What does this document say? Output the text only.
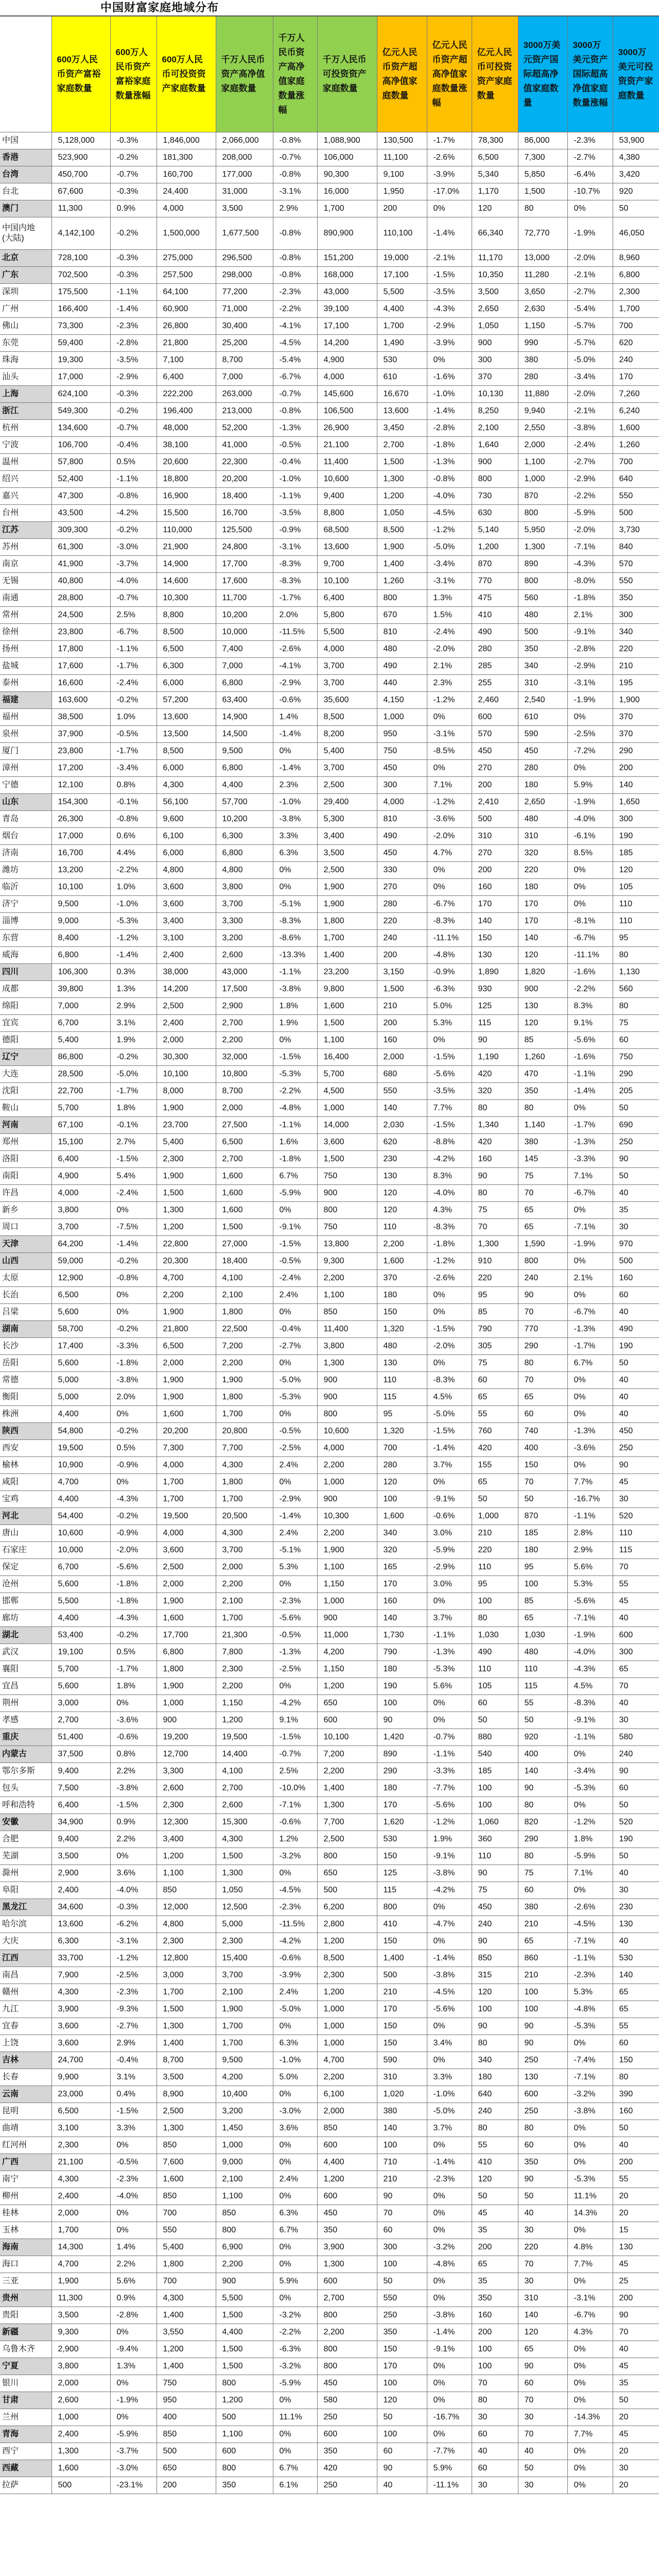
中国财富家庭地域分布
	600万人民币资产富裕家庭数量	600万人民币资产富裕家庭数量涨幅	600万人民币可投资资产家庭数量	千万人民币资产高净值家庭数量	千万人民币资产高净值家庭数量涨幅	千万人民币可投资资产家庭数量	亿元人民币资产超高净值家庭数量	亿元人民币资产超高净值家庭数量涨幅	亿元人民币可投资资产家庭数量	3000万美元资产国际超高净值家庭数量	3000万美元资产国际超高净值家庭数量涨幅	3000万美元可投资资产家庭数量
中国	5,128,000	-0.3%	1,846,000	2,066,000	-0.8%	1,088,900	130,500	-1.7%	78,300	86,000	-2.3%	53,900
香港	523,900	-0.2%	181,300	208,000	-0.7%	106,000	11,100	-2.6%	6,500	7,300	-2.7%	4,380
台湾	450,700	-0.7%	160,700	177,000	-0.8%	90,300	9,100	-3.9%	5,340	5,850	-6.4%	3,420
台北	67,600	-0.3%	24,400	31,000	-3.1%	16,000	1,950	-17.0%	1,170	1,500	-10.7%	920
澳门	11,300	0.9%	4,000	3,500	2.9%	1,700	200	0%	120	80	0%	50
中国内地
(大陆)	4,142,100	-0.2%	1,500,000	1,677,500	-0.8%	890,900	110,100	-1.4%	66,340	72,770	-1.9%	46,050
北京	728,100	-0.3%	275,000	296,500	-0.8%	151,200	19,000	-2.1%	11,170	13,000	-2.0%	8,960
广东	702,500	-0.3%	257,500	298,000	-0.8%	168,000	17,100	-1.5%	10,350	11,280	-2.1%	6,800
深圳	175,500	-1.1%	64,100	77,200	-2.3%	43,000	5,500	-3.5%	3,500	3,650	-2.7%	2,300
广州	166,400	-1.4%	60,900	71,000	-2.2%	39,100	4,400	-4.3%	2,650	2,630	-5.4%	1,700
佛山	73,300	-2.3%	26,800	30,400	-4.1%	17,100	1,700	-2.9%	1,050	1,150	-5.7%	700
东莞	59,400	-2.8%	21,800	25,200	-4.5%	14,200	1,490	-3.9%	900	990	-5.7%	620
珠海	19,300	-3.5%	7,100	8,700	-5.4%	4,900	530	0%	300	380	-5.0%	240
汕头	17,000	-2.9%	6,400	7,000	-6.7%	4,000	610	-1.6%	370	280	-3.4%	170
上海	624,100	-0.3%	222,200	263,000	-0.7%	145,600	16,670	-1.0%	10,130	11,880	-2.0%	7,260
浙江	549,300	-0.2%	196,400	213,000	-0.8%	106,500	13,600	-1.4%	8,250	9,940	-2.1%	6,240
杭州	134,600	-0.7%	48,000	52,200	-1.3%	26,900	3,450	-2.8%	2,100	2,550	-3.8%	1,600
宁波	106,700	-0.4%	38,100	41,000	-0.5%	21,100	2,700	-1.8%	1,640	2,000	-2.4%	1,260
温州	57,800	0.5%	20,600	22,300	-0.4%	11,400	1,500	-1.3%	900	1,100	-2.7%	700
绍兴	52,400	-1.1%	18,800	20,200	-1.0%	10,600	1,300	-0.8%	800	1,000	-2.9%	640
嘉兴	47,300	-0.8%	16,900	18,400	-1.1%	9,400	1,200	-4.0%	730	870	-2.2%	550
台州	43,500	-4.2%	15,500	16,700	-3.5%	8,800	1,050	-4.5%	630	800	-5.9%	500
江苏	309,300	-0.2%	110,000	125,500	-0.9%	68,500	8,500	-1.2%	5,140	5,950	-2.0%	3,730
苏州	61,300	-3.0%	21,900	24,800	-3.1%	13,600	1,900	-5.0%	1,200	1,300	-7.1%	840
南京	41,900	-3.7%	14,900	17,700	-8.3%	9,700	1,400	-3.4%	870	890	-4.3%	570
无锡	40,800	-4.0%	14,600	17,600	-8.3%	10,100	1,260	-3.1%	770	800	-8.0%	550
南通	28,800	-0.7%	10,300	11,700	-1.7%	6,400	800	1.3%	475	560	-1.8%	350
常州	24,500	2.5%	8,800	10,200	2.0%	5,800	670	1.5%	410	480	2.1%	300
徐州	23,800	-6.7%	8,500	10,000	-11.5%	5,500	810	-2.4%	490	500	-9.1%	340
扬州	17,800	-1.1%	6,500	7,400	-2.6%	4,000	480	-2.0%	280	350	-2.8%	220
盐城	17,600	-1.7%	6,300	7,000	-4.1%	3,700	490	2.1%	285	340	-2.9%	210
泰州	16,600	-2.4%	6,000	6,800	-2.9%	3,700	440	2.3%	255	310	-3.1%	195
福建	163,600	-0.2%	57,200	63,400	-0.6%	35,600	4,150	-1.2%	2,460	2,540	-1.9%	1,900
福州	38,500	1.0%	13,600	14,900	1.4%	8,500	1,000	0%	600	610	0%	370
泉州	37,900	-0.5%	13,500	14,500	-1.4%	8,200	950	-3.1%	570	590	-2.5%	370
厦门	23,800	-1.7%	8,500	9,500	0%	5,400	750	-8.5%	450	450	-7.2%	290
漳州	17,200	-3.4%	6,000	6,800	-1.4%	3,700	450	0%	270	280	0%	200
宁德	12,100	0.8%	4,300	4,400	2.3%	2,500	300	7.1%	200	180	5.9%	140
山东	154,300	-0.1%	56,100	57,700	-1.0%	29,400	4,000	-1.2%	2,410	2,650	-1.9%	1,650
青岛	26,300	-0.8%	9,600	10,200	-3.8%	5,300	810	-3.6%	500	480	-4.0%	300
烟台	17,000	0.6%	6,100	6,300	3.3%	3,400	490	-2.0%	310	310	-6.1%	190
济南	16,700	4.4%	6,000	6,800	6.3%	3,500	450	4.7%	270	320	8.5%	185
潍坊	13,200	-2.2%	4,800	4,800	0%	2,500	330	0%	200	220	0%	120
临沂	10,100	1.0%	3,600	3,800	0%	1,900	270	0%	160	180	0%	105
济宁	9,500	-1.0%	3,600	3,700	-5.1%	1,900	280	-6.7%	170	170	0%	110
淄博	9,000	-5.3%	3,400	3,300	-8.3%	1,800	220	-8.3%	140	170	-8.1%	110
东营	8,400	-1.2%	3,100	3,200	-8.6%	1,700	240	-11.1%	150	140	-6.7%	95
威海	6,800	-1.4%	2,400	2,600	-13.3%	1,400	200	-4.8%	130	120	-11.1%	80
四川	106,300	0.3%	38,000	43,000	-1.1%	23,200	3,150	-0.9%	1,890	1,820	-1.6%	1,130
成都	39,800	1.3%	14,200	17,500	-3.8%	9,800	1,500	-6.3%	930	900	-2.2%	560
绵阳	7,000	2.9%	2,500	2,900	1.8%	1,600	210	5.0%	125	130	8.3%	80
宜宾	6,700	3.1%	2,400	2,700	1.9%	1,500	200	5.3%	115	120	9.1%	75
德阳	5,400	1.9%	2,000	2,200	0%	1,100	160	0%	90	85	-5.6%	60
辽宁	86,800	-0.2%	30,300	32,000	-1.5%	16,400	2,000	-1.5%	1,190	1,260	-1.6%	750
大连	28,500	-5.0%	10,100	10,800	-5.3%	5,700	680	-5.6%	420	470	-1.1%	290
沈阳	22,700	-1.7%	8,000	8,700	-2.2%	4,500	550	-3.5%	320	350	-1.4%	205
鞍山	5,700	1.8%	1,900	2,000	-4.8%	1,000	140	7.7%	80	80	0%	50
河南	67,100	-0.1%	23,700	27,500	-1.1%	14,000	2,030	-1.5%	1,340	1,140	-1.7%	690
郑州	15,100	2.7%	5,400	6,500	1.6%	3,600	620	-8.8%	420	380	-1.3%	250
洛阳	6,400	-1.5%	2,300	2,700	-1.8%	1,500	230	-4.2%	160	145	-3.3%	90
南阳	4,900	5.4%	1,900	1,600	6.7%	750	130	8.3%	90	75	7.1%	50
许昌	4,000	-2.4%	1,500	1,600	-5.9%	900	120	-4.0%	80	70	-6.7%	40
新乡	3,800	0%	1,300	1,600	0%	800	120	4.3%	75	65	0%	35
周口	3,700	-7.5%	1,200	1,500	-9.1%	750	110	-8.3%	70	65	-7.1%	30
天津	64,200	-1.4%	22,800	27,000	-1.5%	13,800	2,200	-1.8%	1,300	1,590	-1.9%	970
山西	59,000	-0.2%	20,300	18,400	-0.5%	9,300	1,600	-1.2%	910	800	0%	500
太原	12,900	-0.8%	4,700	4,100	-2.4%	2,200	370	-2.6%	220	240	2.1%	160
长治	6,500	0%	2,200	2,100	2.4%	1,100	180	0%	95	90	0%	60
吕梁	5,600	0%	1,900	1,800	0%	850	150	0%	85	70	-6.7%	40
湖南	58,700	-0.2%	21,800	22,500	-0.4%	11,400	1,320	-1.5%	790	770	-1.3%	490
长沙	17,400	-3.3%	6,500	7,200	-2.7%	3,800	480	-2.0%	305	290	-1.7%	190
岳阳	5,600	-1.8%	2,000	2,200	0%	1,300	130	0%	75	80	6.7%	50
常德	5,000	-3.8%	1,900	1,900	-5.0%	900	110	-8.3%	60	70	0%	40
衡阳	5,000	2.0%	1,900	1,800	-5.3%	900	115	4.5%	65	65	0%	40
株洲	4,400	0%	1,600	1,700	0%	800	95	-5.0%	55	60	0%	40
陕西	54,800	-0.2%	20,200	20,800	-0.5%	10,600	1,320	-1.5%	760	740	-1.3%	450
西安	19,500	0.5%	7,300	7,700	-2.5%	4,000	700	-1.4%	420	400	-3.6%	250
榆林	10,900	-0.9%	4,000	4,300	2.4%	2,200	280	3.7%	155	150	0%	90
咸阳	4,700	0%	1,700	1,800	0%	1,000	120	0%	65	70	7.7%	45
宝鸡	4,400	-4.3%	1,700	1,700	-2.9%	900	100	-9.1%	50	50	-16.7%	30
河北	54,400	-0.2%	19,500	20,500	-1.4%	10,300	1,600	-0.6%	1,000	870	-1.1%	520
唐山	10,600	-0.9%	4,000	4,300	2.4%	2,200	340	3.0%	210	185	2.8%	110
石家庄	10,000	-2.0%	3,600	3,700	-5.1%	1,900	320	-5.9%	220	180	2.9%	115
保定	6,700	-5.6%	2,500	2,000	5.3%	1,100	165	-2.9%	110	95	5.6%	70
沧州	5,600	-1.8%	2,000	2,200	0%	1,150	170	3.0%	95	100	5.3%	55
邯郸	5,500	-1.8%	1,900	2,100	-2.3%	1,000	160	0%	100	85	-5.6%	45
廊坊	4,400	-4.3%	1,600	1,700	-5.6%	900	140	3.7%	80	65	-7.1%	40
湖北	53,400	-0.2%	17,700	21,300	-0.5%	11,000	1,730	-1.1%	1,030	1,030	-1.9%	600
武汉	19,100	0.5%	6,800	7,800	-1.3%	4,200	790	-1.3%	490	480	-4.0%	300
襄阳	5,700	-1.7%	1,800	2,300	-2.5%	1,150	180	-5.3%	110	110	-4.3%	65
宜昌	5,600	1.8%	1,900	2,200	0%	1,200	190	5.6%	105	115	4.5%	70
荆州	3,000	0%	1,000	1,150	-4.2%	650	100	0%	60	55	-8.3%	40
孝感	2,700	-3.6%	900	1,200	9.1%	600	90	0%	50	50	-9.1%	30
重庆	51,400	-0.6%	19,200	19,500	-1.5%	10,100	1,420	-0.7%	880	920	-1.1%	580
内蒙古	37,500	0.8%	12,700	14,400	-0.7%	7,200	890	-1.1%	540	400	0%	240
鄂尔多斯	9,400	2.2%	3,300	4,100	2.5%	2,200	290	-3.3%	185	140	-3.4%	90
包头	7,500	-3.8%	2,600	2,700	-10.0%	1,400	180	-7.7%	100	90	-5.3%	60
呼和浩特	6,400	-1.5%	2,300	2,600	-7.1%	1,300	170	-5.6%	100	80	0%	50
安徽	34,900	0.9%	12,300	15,300	-0.6%	7,700	1,620	-1.2%	1,060	820	-1.2%	520
合肥	9,400	2.2%	3,400	4,300	1.2%	2,500	530	1.9%	360	290	1.8%	190
芜湖	3,500	0%	1,200	1,500	-3.2%	800	150	-9.1%	110	80	-5.9%	50
滁州	2,900	3.6%	1,100	1,300	0%	650	125	-3.8%	90	75	7.1%	40
阜阳	2,400	-4.0%	850	1,050	-4.5%	500	115	-4.2%	75	60	0%	30
黑龙江	34,600	-0.3%	12,000	12,500	-2.3%	6,200	800	0%	450	380	-2.6%	230
哈尔滨	13,600	-6.2%	4,800	5,000	-11.5%	2,800	410	-4.7%	240	210	-4.5%	130
大庆	6,300	-3.1%	2,300	2,300	-4.2%	1,200	150	0%	90	65	-7.1%	40
江西	33,700	-1.2%	12,800	15,400	-0.6%	8,500	1,400	-1.4%	850	860	-1.1%	530
南昌	7,900	-2.5%	3,000	3,700	-3.9%	2,300	500	-3.8%	315	210	-2.3%	140
赣州	4,300	-2.3%	1,700	2,100	2.4%	1,200	210	-4.5%	120	100	5.3%	65
九江	3,900	-9.3%	1,500	1,900	-5.0%	1,000	170	-5.6%	100	100	-4.8%	65
宜春	3,600	-2.7%	1,300	1,700	0%	1,000	150	0%	90	90	-5.3%	55
上饶	3,600	2.9%	1,400	1,700	6.3%	1,000	150	3.4%	80	90	0%	60
吉林	24,700	-0.4%	8,700	9,500	-1.0%	4,700	590	0%	340	250	-7.4%	150
长春	9,900	3.1%	3,500	4,200	5.0%	2,200	310	3.3%	180	130	-7.1%	80
云南	23,000	0.4%	8,900	10,400	0%	6,100	1,020	-1.0%	640	600	-3.2%	390
昆明	6,500	-1.5%	2,500	3,200	-3.0%	2,000	380	-5.0%	240	250	-3.8%	160
曲靖	3,100	3.3%	1,300	1,450	3.6%	850	140	3.7%	80	80	0%	50
红河州	2,300	0%	850	1,000	0%	600	100	0%	55	60	0%	40
广西	21,100	-0.5%	7,600	9,000	0%	4,400	710	-1.4%	410	350	0%	200
南宁	4,300	-2.3%	1,600	2,100	2.4%	1,200	210	-2.3%	120	90	-5.3%	55
柳州	2,400	-4.0%	850	1,100	0%	600	90	0%	50	50	11.1%	20
桂林	2,000	0%	700	850	6.3%	450	70	0%	45	40	14.3%	20
玉林	1,700	0%	550	800	6.7%	350	60	0%	35	30	0%	15
海南	14,300	1.4%	5,400	6,900	0%	3,900	300	-3.2%	200	220	4.8%	130
海口	4,700	2.2%	1,800	2,200	0%	1,300	100	-4.8%	65	70	7.7%	45
三亚	1,900	5.6%	700	900	5.9%	600	50	0%	35	30	0%	25
贵州	11,300	0.9%	4,300	5,500	0%	2,700	550	0%	350	310	-3.1%	200
贵阳	3,500	-2.8%	1,400	1,500	-3.2%	800	250	-3.8%	160	140	-6.7%	90
新疆	9,300	0%	3,550	4,400	-2.2%	2,200	350	-1.4%	200	120	4.3%	70
乌鲁木齐	2,900	-9.4%	1,200	1,500	-6.3%	800	150	-9.1%	100	65	0%	40
宁夏	3,800	1.3%	1,400	1,500	-3.2%	800	170	0%	100	90	0%	45
银川	2,000	0%	750	800	-5.9%	450	100	0%	70	60	0%	35
甘肃	2,600	-1.9%	950	1,200	0%	580	120	0%	80	70	0%	50
兰州	1,000	0%	400	500	11.1%	250	50	-16.7%	30	30	-14.3%	20
青海	2,400	-5.9%	850	1,100	0%	600	100	0%	60	70	7.7%	45
西宁	1,300	-3.7%	500	600	0%	350	60	-7.7%	40	40	0%	20
西藏	1,600	-3.0%	650	800	6.7%	420	90	5.9%	60	50	0%	30
拉萨	500	-23.1%	200	350	6.1%	250	40	-11.1%	30	30	0%	20
